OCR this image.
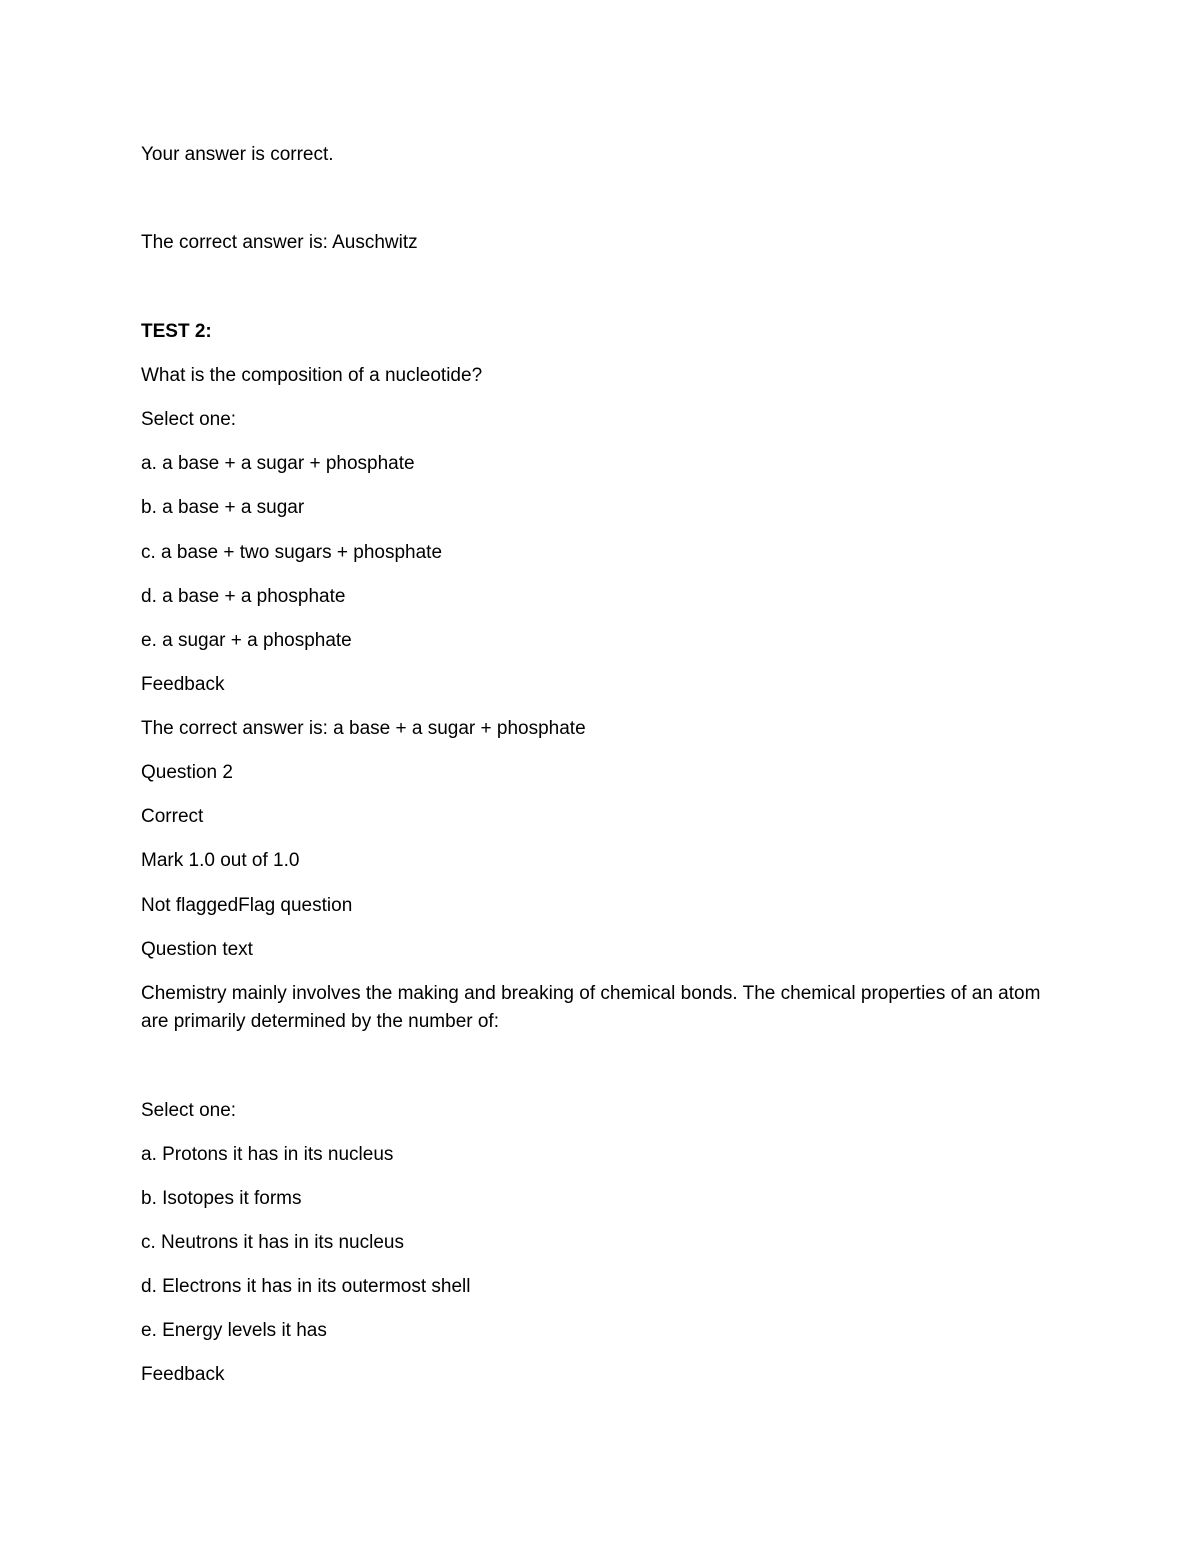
Your answer is correct.
The correct answer is: Auschwitz
TEST 2:
What is the composition of a nucleotide?
Select one:
a. a base + a sugar + phosphate
b. a base + a sugar
c. a base + two sugars + phosphate
d. a base + a phosphate
e. a sugar + a phosphate
Feedback
The correct answer is: a base + a sugar + phosphate
Question 2
Correct
Mark 1.0 out of 1.0
Not flaggedFlag question
Question text
Chemistry mainly involves the making and breaking of chemical bonds. The chemical properties of an atom are primarily determined by the number of:
Select one:
a. Protons it has in its nucleus
b. Isotopes it forms
c. Neutrons it has in its nucleus
d. Electrons it has in its outermost shell
e. Energy levels it has
Feedback
